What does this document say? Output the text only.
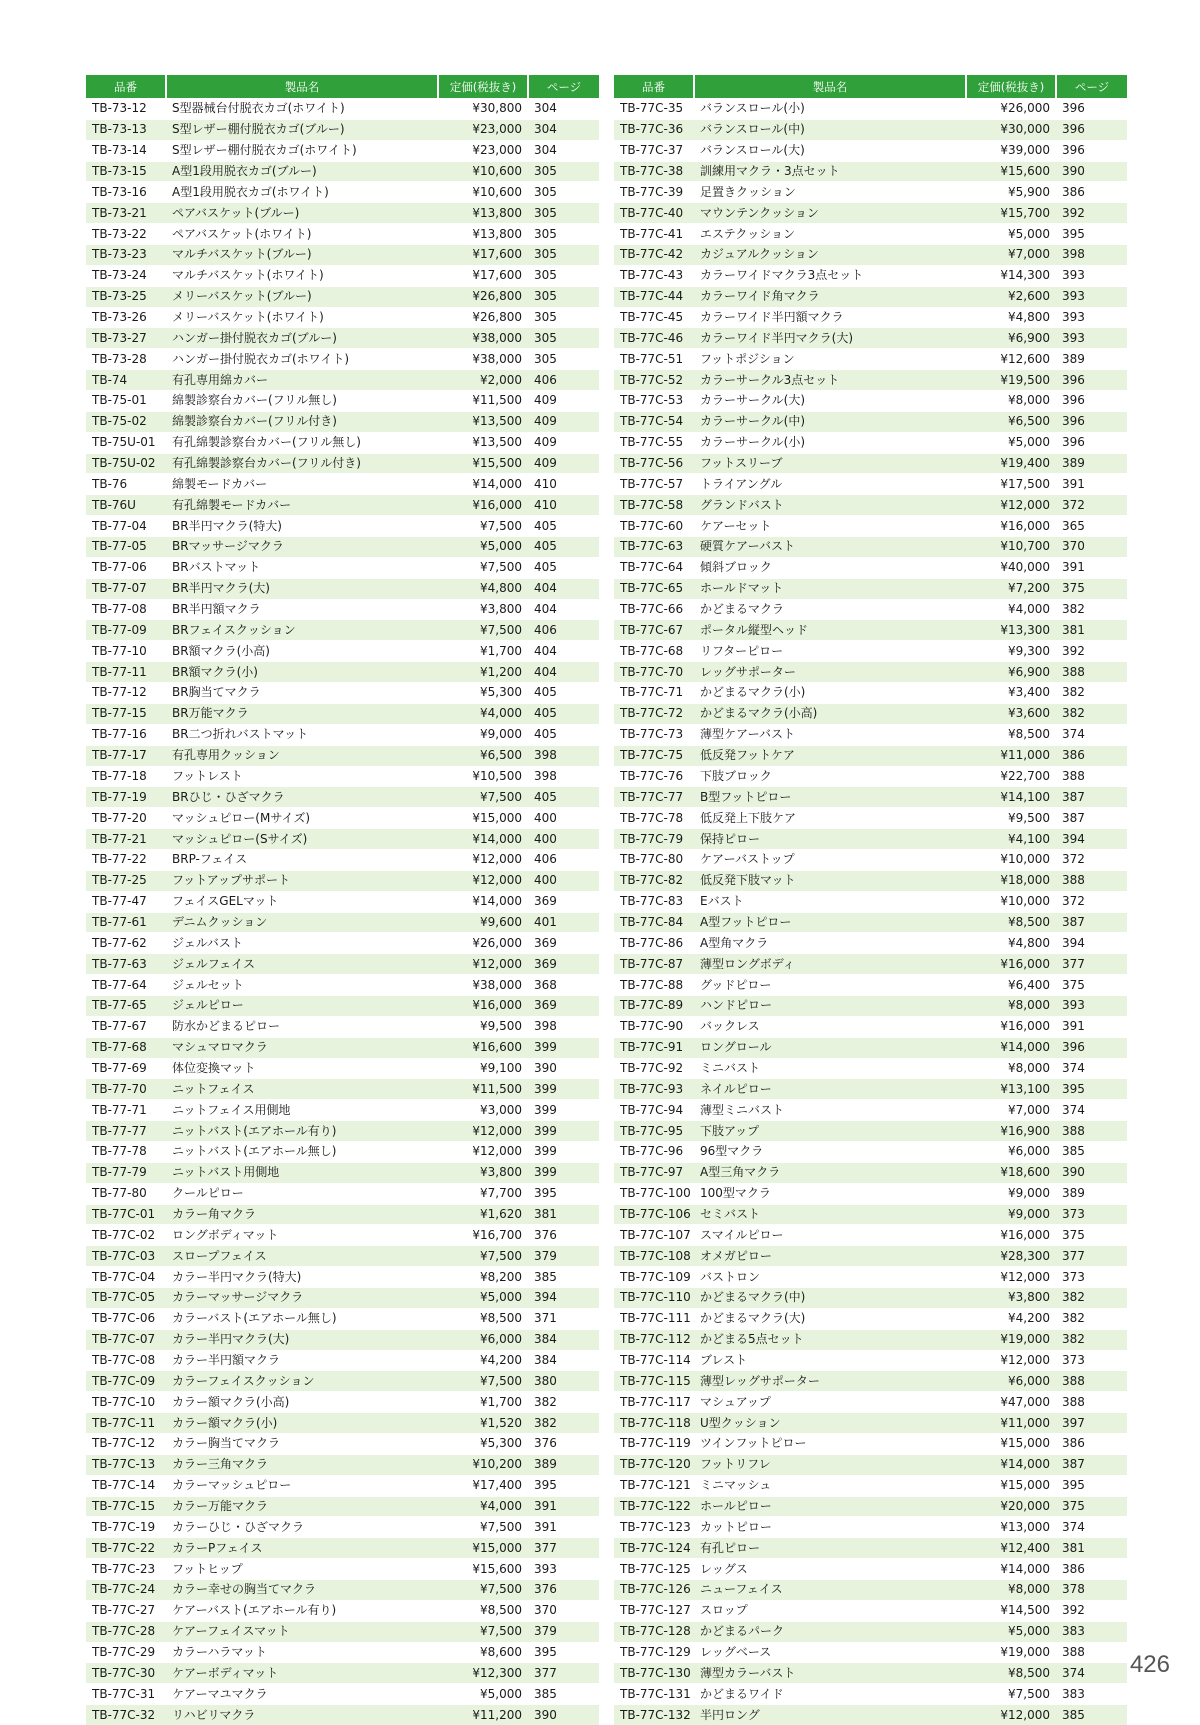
品番	製品名	定価(税抜き)	ページ
TB-73-12	S型器械台付脱衣カゴ(ホワイト)	¥30,800	304
TB-73-13	S型レザー棚付脱衣カゴ(ブルー)	¥23,000	304
TB-73-14	S型レザー棚付脱衣カゴ(ホワイト)	¥23,000	304
TB-73-15	A型1段用脱衣カゴ(ブルー)	¥10,600	305
TB-73-16	A型1段用脱衣カゴ(ホワイト)	¥10,600	305
TB-73-21	ペアバスケット(ブルー)	¥13,800	305
TB-73-22	ペアバスケット(ホワイト)	¥13,800	305
TB-73-23	マルチバスケット(ブルー)	¥17,600	305
TB-73-24	マルチバスケット(ホワイト)	¥17,600	305
TB-73-25	メリーバスケット(ブルー)	¥26,800	305
TB-73-26	メリーバスケット(ホワイト)	¥26,800	305
TB-73-27	ハンガー掛付脱衣カゴ(ブルー)	¥38,000	305
TB-73-28	ハンガー掛付脱衣カゴ(ホワイト)	¥38,000	305
TB-74	有孔専用綿カバー	¥2,000	406
TB-75-01	綿製診察台カバー(フリル無し)	¥11,500	409
TB-75-02	綿製診察台カバー(フリル付き)	¥13,500	409
TB-75U-01	有孔綿製診察台カバー(フリル無し)	¥13,500	409
TB-75U-02	有孔綿製診察台カバー(フリル付き)	¥15,500	409
TB-76	綿製モードカバー	¥14,000	410
TB-76U	有孔綿製モードカバー	¥16,000	410
TB-77-04	BR半円マクラ(特大)	¥7,500	405
TB-77-05	BRマッサージマクラ	¥5,000	405
TB-77-06	BRバストマット	¥7,500	405
TB-77-07	BR半円マクラ(大)	¥4,800	404
TB-77-08	BR半円額マクラ	¥3,800	404
TB-77-09	BRフェイスクッション	¥7,500	406
TB-77-10	BR額マクラ(小高)	¥1,700	404
TB-77-11	BR額マクラ(小)	¥1,200	404
TB-77-12	BR胸当てマクラ	¥5,300	405
TB-77-15	BR万能マクラ	¥4,000	405
TB-77-16	BR二つ折れバストマット	¥9,000	405
TB-77-17	有孔専用クッション	¥6,500	398
TB-77-18	フットレスト	¥10,500	398
TB-77-19	BRひじ・ひざマクラ	¥7,500	405
TB-77-20	マッシュピロー(Mサイズ)	¥15,000	400
TB-77-21	マッシュピロー(Sサイズ)	¥14,000	400
TB-77-22	BRP-フェイス	¥12,000	406
TB-77-25	フットアップサポート	¥12,000	400
TB-77-47	フェイスGELマット	¥14,000	369
TB-77-61	デニムクッション	¥9,600	401
TB-77-62	ジェルバスト	¥26,000	369
TB-77-63	ジェルフェイス	¥12,000	369
TB-77-64	ジェルセット	¥38,000	368
TB-77-65	ジェルピロー	¥16,000	369
TB-77-67	防水かどまるピロー	¥9,500	398
TB-77-68	マシュマロマクラ	¥16,600	399
TB-77-69	体位変換マット	¥9,100	390
TB-77-70	ニットフェイス	¥11,500	399
TB-77-71	ニットフェイス用側地	¥3,000	399
TB-77-77	ニットバスト(エアホール有り)	¥12,000	399
TB-77-78	ニットバスト(エアホール無し)	¥12,000	399
TB-77-79	ニットバスト用側地	¥3,800	399
TB-77-80	クールピロー	¥7,700	395
TB-77C-01	カラー角マクラ	¥1,620	381
TB-77C-02	ロングボディマット	¥16,700	376
TB-77C-03	スロープフェイス	¥7,500	379
TB-77C-04	カラー半円マクラ(特大)	¥8,200	385
TB-77C-05	カラーマッサージマクラ	¥5,000	394
TB-77C-06	カラーバスト(エアホール無し)	¥8,500	371
TB-77C-07	カラー半円マクラ(大)	¥6,000	384
TB-77C-08	カラー半円額マクラ	¥4,200	384
TB-77C-09	カラーフェイスクッション	¥7,500	380
TB-77C-10	カラー額マクラ(小高)	¥1,700	382
TB-77C-11	カラー額マクラ(小)	¥1,520	382
TB-77C-12	カラー胸当てマクラ	¥5,300	376
TB-77C-13	カラー三角マクラ	¥10,200	389
TB-77C-14	カラーマッシュピロー	¥17,400	395
TB-77C-15	カラー万能マクラ	¥4,000	391
TB-77C-19	カラーひじ・ひざマクラ	¥7,500	391
TB-77C-22	カラーPフェイス	¥15,000	377
TB-77C-23	フットヒップ	¥15,600	393
TB-77C-24	カラー幸せの胸当てマクラ	¥7,500	376
TB-77C-27	ケアーバスト(エアホール有り)	¥8,500	370
TB-77C-28	ケアーフェイスマット	¥7,500	379
TB-77C-29	カラーハラマット	¥8,600	395
TB-77C-30	ケアーボディマット	¥12,300	377
TB-77C-31	ケアーマユマクラ	¥5,000	385
TB-77C-32	リハビリマクラ	¥11,200	390
品番	製品名	定価(税抜き)	ページ
TB-77C-35	バランスロール(小)	¥26,000	396
TB-77C-36	バランスロール(中)	¥30,000	396
TB-77C-37	バランスロール(大)	¥39,000	396
TB-77C-38	訓練用マクラ・3点セット	¥15,600	390
TB-77C-39	足置きクッション	¥5,900	386
TB-77C-40	マウンテンクッション	¥15,700	392
TB-77C-41	エステクッション	¥5,000	395
TB-77C-42	カジュアルクッション	¥7,000	398
TB-77C-43	カラーワイドマクラ3点セット	¥14,300	393
TB-77C-44	カラーワイド角マクラ	¥2,600	393
TB-77C-45	カラーワイド半円額マクラ	¥4,800	393
TB-77C-46	カラーワイド半円マクラ(大)	¥6,900	393
TB-77C-51	フットポジション	¥12,600	389
TB-77C-52	カラーサークル3点セット	¥19,500	396
TB-77C-53	カラーサークル(大)	¥8,000	396
TB-77C-54	カラーサークル(中)	¥6,500	396
TB-77C-55	カラーサークル(小)	¥5,000	396
TB-77C-56	フットスリーブ	¥19,400	389
TB-77C-57	トライアングル	¥17,500	391
TB-77C-58	グランドバスト	¥12,000	372
TB-77C-60	ケアーセット	¥16,000	365
TB-77C-63	硬質ケアーバスト	¥10,700	370
TB-77C-64	傾斜ブロック	¥40,000	391
TB-77C-65	ホールドマット	¥7,200	375
TB-77C-66	かどまるマクラ	¥4,000	382
TB-77C-67	ポータル縦型ヘッド	¥13,300	381
TB-77C-68	リフターピロー	¥9,300	392
TB-77C-70	レッグサポーター	¥6,900	388
TB-77C-71	かどまるマクラ(小)	¥3,400	382
TB-77C-72	かどまるマクラ(小高)	¥3,600	382
TB-77C-73	薄型ケアーバスト	¥8,500	374
TB-77C-75	低反発フットケア	¥11,000	386
TB-77C-76	下肢ブロック	¥22,700	388
TB-77C-77	B型フットピロー	¥14,100	387
TB-77C-78	低反発上下肢ケア	¥9,500	387
TB-77C-79	保持ピロー	¥4,100	394
TB-77C-80	ケアーバストップ	¥10,000	372
TB-77C-82	低反発下肢マット	¥18,000	388
TB-77C-83	Eバスト	¥10,000	372
TB-77C-84	A型フットピロー	¥8,500	387
TB-77C-86	A型角マクラ	¥4,800	394
TB-77C-87	薄型ロングボディ	¥16,000	377
TB-77C-88	グッドピロー	¥6,400	375
TB-77C-89	ハンドピロー	¥8,000	393
TB-77C-90	バックレス	¥16,000	391
TB-77C-91	ロングロール	¥14,000	396
TB-77C-92	ミニバスト	¥8,000	374
TB-77C-93	ネイルピロー	¥13,100	395
TB-77C-94	薄型ミニバスト	¥7,000	374
TB-77C-95	下肢アップ	¥16,900	388
TB-77C-96	96型マクラ	¥6,000	385
TB-77C-97	A型三角マクラ	¥18,600	390
TB-77C-100	100型マクラ	¥9,000	389
TB-77C-106	セミバスト	¥9,000	373
TB-77C-107	スマイルピロー	¥16,000	375
TB-77C-108	オメガピロー	¥28,300	377
TB-77C-109	バストロン	¥12,000	373
TB-77C-110	かどまるマクラ(中)	¥3,800	382
TB-77C-111	かどまるマクラ(大)	¥4,200	382
TB-77C-112	かどまる5点セット	¥19,000	382
TB-77C-114	ブレスト	¥12,000	373
TB-77C-115	薄型レッグサポーター	¥6,000	388
TB-77C-117	マシュアップ	¥47,000	388
TB-77C-118	U型クッション	¥11,000	397
TB-77C-119	ツインフットピロー	¥15,000	386
TB-77C-120	フットリフレ	¥14,000	387
TB-77C-121	ミニマッシュ	¥15,000	395
TB-77C-122	ホールピロー	¥20,000	375
TB-77C-123	カットピロー	¥13,000	374
TB-77C-124	有孔ピロー	¥12,400	381
TB-77C-125	レッグス	¥14,000	386
TB-77C-126	ニューフェイス	¥8,000	378
TB-77C-127	スロップ	¥14,500	392
TB-77C-128	かどまるパーク	¥5,000	383
TB-77C-129	レッグベース	¥19,000	388
TB-77C-130	薄型カラーバスト	¥8,500	374
TB-77C-131	かどまるワイド	¥7,500	383
TB-77C-132	半円ロング	¥12,000	385
426
